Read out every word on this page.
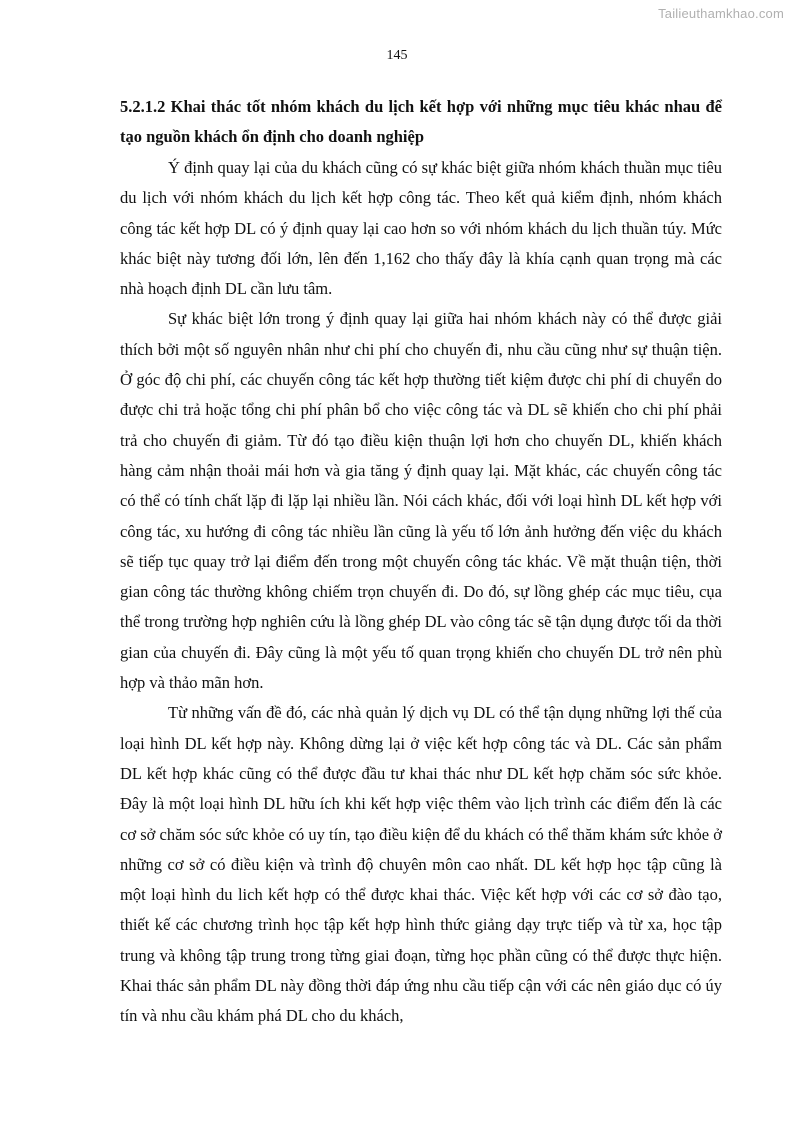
Tailieuthamkhao.com
145

5.2.1.2 Khai thác tốt nhóm khách du lịch kết hợp với những mục tiêu khác nhau để tạo nguồn khách ổn định cho doanh nghiệp

Ý định quay lại của du khách cũng có sự khác biệt giữa nhóm khách thuần mục tiêu du lịch với nhóm khách du lịch kết hợp công tác. Theo kết quả kiểm định, nhóm khách công tác kết hợp DL có ý định quay lại cao hơn so với nhóm khách du lịch thuần túy. Mức khác biệt này tương đối lớn, lên đến 1,162 cho thấy đây là khía cạnh quan trọng mà các nhà hoạch định DL cần lưu tâm.

Sự khác biệt lớn trong ý định quay lại giữa hai nhóm khách này có thể được giải thích bởi một số nguyên nhân như chi phí cho chuyến đi, nhu cầu cũng như sự thuận tiện. Ở góc độ chi phí, các chuyến công tác kết hợp thường tiết kiệm được chi phí di chuyển do được chi trả hoặc tổng chi phí phân bổ cho việc công tác và DL sẽ khiến cho chi phí phải trả cho chuyến đi giảm. Từ đó tạo điều kiện thuận lợi hơn cho chuyến DL, khiến khách hàng cảm nhận thoải mái hơn và gia tăng ý định quay lại. Mặt khác, các chuyến công tác có thể có tính chất lặp đi lặp lại nhiều lần. Nói cách khác, đối với loại hình DL kết hợp với công tác, xu hướng đi công tác nhiều lần cũng là yếu tố lớn ảnh hưởng đến việc du khách sẽ tiếp tục quay trở lại điểm đến trong một chuyến công tác khác. Về mặt thuận tiện, thời gian công tác thường không chiếm trọn chuyến đi. Do đó, sự lồng ghép các mục tiêu, cụa thể trong trường hợp nghiên cứu là lồng ghép DL vào công tác sẽ tận dụng được tối da thời gian của chuyến đi. Đây cũng là một yếu tố quan trọng khiến cho chuyến DL trở nên phù hợp và thảo mãn hơn.

Từ những vấn đề đó, các nhà quản lý dịch vụ DL có thể tận dụng những lợi thế của loại hình DL kết hợp này. Không dừng lại ở việc kết hợp công tác và DL. Các sản phẩm DL kết hợp khác cũng có thể được đầu tư khai thác như DL kết hợp chăm sóc sức khỏe. Đây là một loại hình DL hữu ích khi kết hợp việc thêm vào lịch trình các điểm đến là các cơ sở chăm sóc sức khỏe có uy tín, tạo điều kiện để du khách có thể thăm khám sức khỏe ở những cơ sở có điều kiện và trình độ chuyên môn cao nhất. DL kết hợp học tập cũng là một loại hình du lich kết hợp có thể được khai thác. Việc kết hợp với các cơ sở đào tạo, thiết kế các chương trình học tập kết hợp hình thức giảng dạy trực tiếp và từ xa, học tập trung và không tập trung trong từng giai đoạn, từng học phần cũng có thể được thực hiện. Khai thác sản phẩm DL này đồng thời đáp ứng nhu cầu tiếp cận với các nên giáo dục có úy tín và nhu cầu khám phá DL cho du khách,
